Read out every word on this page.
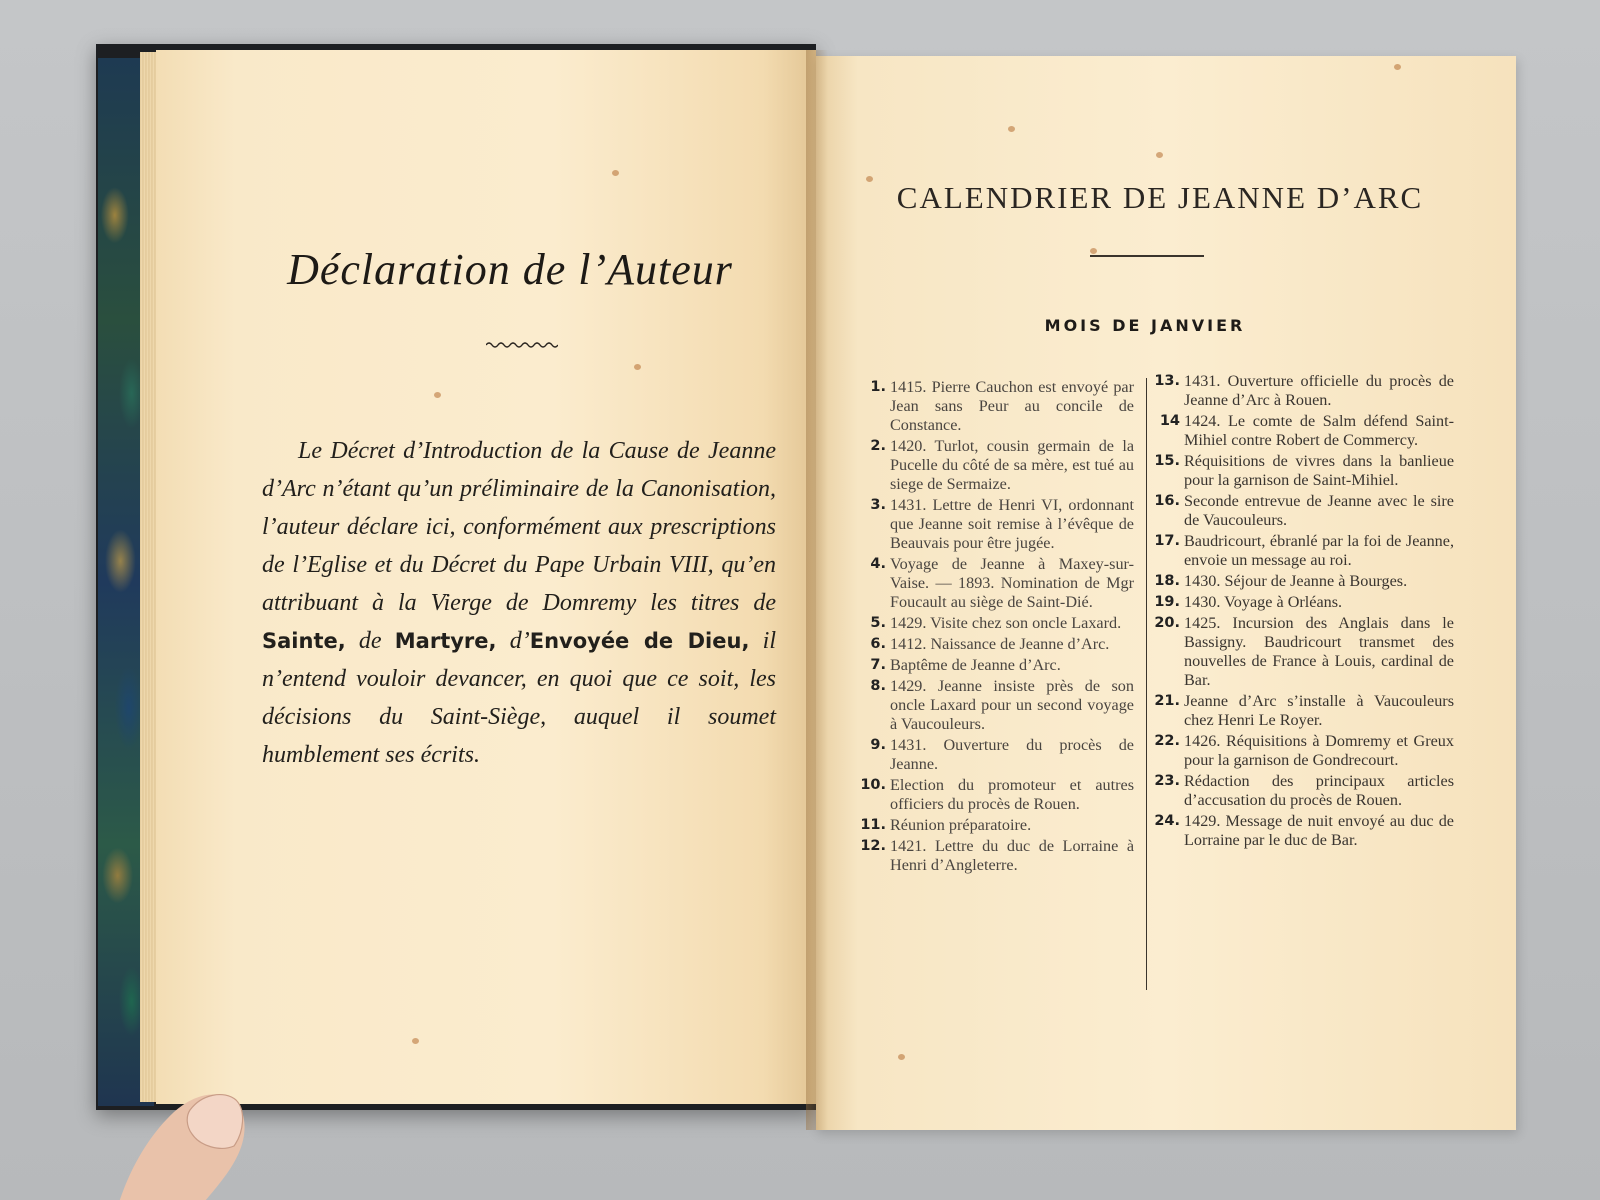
Déclaration de l’Auteur

Le Décret d’Introduction de la Cause de Jeanne d’Arc n’étant qu’un préliminaire de la Canonisation, l’auteur déclare ici, conformément aux prescriptions de l’Eglise et du Décret du Pape Urbain VIII, qu’en attribuant à la Vierge de Domremy les titres de Sainte, de Martyre, d’Envoyée de Dieu, il n’entend vouloir devancer, en quoi que ce soit, les décisions du Saint-Siège, auquel il soumet humblement ses écrits.

CALENDRIER DE JEANNE D’ARC
MOIS DE JANVIER
1. 1415. Pierre Cauchon est envoyé par Jean sans Peur au concile de Constance.
2. 1420. Turlot, cousin germain de la Pucelle du côté de sa mère, est tué au siege de Sermaize.
3. 1431. Lettre de Henri VI, ordonnant que Jeanne soit remise à l’évêque de Beauvais pour être jugée.
4. Voyage de Jeanne à Maxey-sur-Vaise. — 1893. Nomination de Mgr Foucault au siège de Saint-Dié.
5. 1429. Visite chez son oncle Laxard.
6. 1412. Naissance de Jeanne d’Arc.
7. Baptême de Jeanne d’Arc.
8. 1429. Jeanne insiste près de son oncle Laxard pour un second voyage à Vaucouleurs.
9. 1431. Ouverture du procès de Jeanne.
10. Election du promoteur et autres officiers du procès de Rouen.
11. Réunion préparatoire.
12. 1421. Lettre du duc de Lorraine à Henri d’Angleterre.
13. 1431. Ouverture officielle du procès de Jeanne d’Arc à Rouen.
14 1424. Le comte de Salm défend Saint-Mihiel contre Robert de Commercy.
15. Réquisitions de vivres dans la banlieue pour la garnison de Saint-Mihiel.
16. Seconde entrevue de Jeanne avec le sire de Vaucouleurs.
17. Baudricourt, ébranlé par la foi de Jeanne, envoie un message au roi.
18. 1430. Séjour de Jeanne à Bourges.
19. 1430. Voyage à Orléans.
20. 1425. Incursion des Anglais dans le Bassigny. Baudricourt transmet des nouvelles de France à Louis, cardinal de Bar.
21. Jeanne d’Arc s’installe à Vaucouleurs chez Henri Le Royer.
22. 1426. Réquisitions à Domremy et Greux pour la garnison de Gondrecourt.
23. Rédaction des principaux articles d’accusation du procès de Rouen.
24. 1429. Message de nuit envoyé au duc de Lorraine par le duc de Bar.
